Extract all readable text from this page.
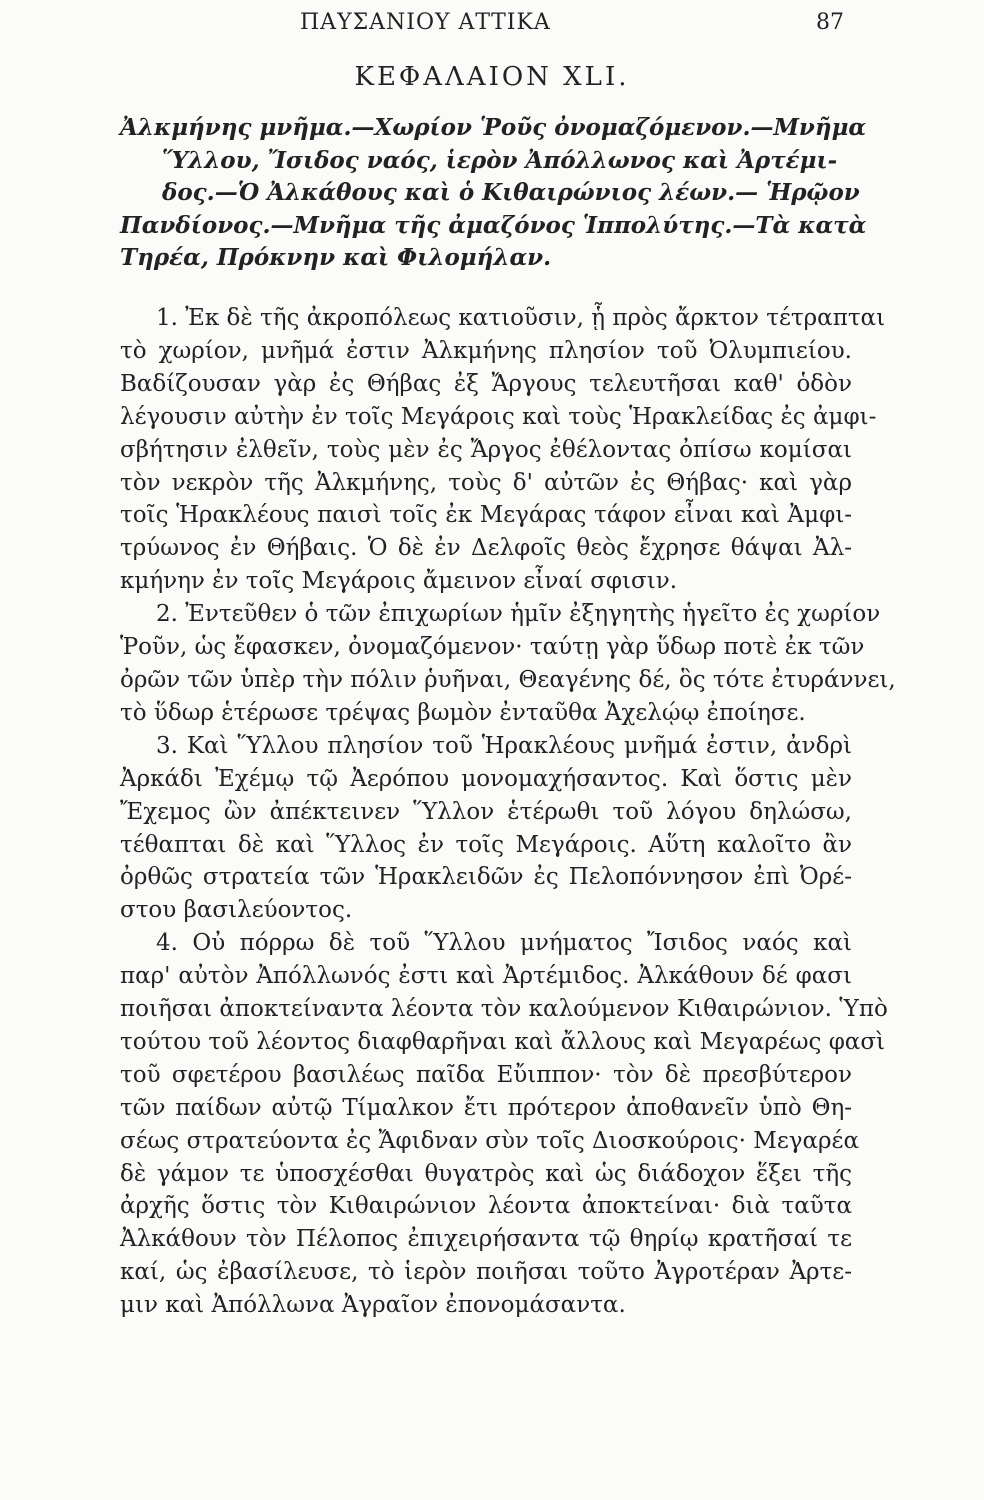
ΠΑΥΣΑΝΙΟΥ ΑΤΤΙΚΑ	87
ΚΕΦΑΛΑΙΟΝ ΧLI.
Ἀλκμήνης μνῆμα.—Χωρίον Ῥοῦς ὀνομαζόμενον.—Μνῆμα
Ὕλλου, Ἴσιδος ναός, ἱερὸν Ἀπόλλωνος καὶ Ἀρτέμι-
δος.—Ὁ Ἀλκάθους καὶ ὁ Κιθαιρώνιος λέων.— Ἡρῷον
Πανδίονος.—Μνῆμα τῆς ἀμαζόνος Ἱππολύτης.—Τὰ κατὰ
Τηρέα, Πρόκνην καὶ Φιλομήλαν.
1. Ἐκ δὲ τῆς ἀκροπόλεως κατιοῦσιν, ᾗ πρὸς ἄρκτον τέτραπται
τὸ χωρίον, μνῆμά ἐστιν Ἀλκμήνης πλησίον τοῦ Ὀλυμπιείου.
Βαδίζουσαν γὰρ ἐς Θήβας ἐξ Ἄργους τελευτῆσαι καθ' ὁδὸν
λέγουσιν αὐτὴν ἐν τοῖς Μεγάροις καὶ τοὺς Ἡρακλείδας ἐς ἀμφι-
σβήτησιν ἐλθεῖν, τοὺς μὲν ἐς Ἄργος ἐθέλοντας ὀπίσω κομίσαι
τὸν νεκρὸν τῆς Ἀλκμήνης, τοὺς δ' αὐτῶν ἐς Θήβας· καὶ γὰρ
τοῖς Ἡρακλέους παισὶ τοῖς ἐκ Μεγάρας τάφον εἶναι καὶ Ἀμφι-
τρύωνος ἐν Θήβαις. Ὁ δὲ ἐν Δελφοῖς θεὸς ἔχρησε θάψαι Ἀλ-
κμήνην ἐν τοῖς Μεγάροις ἄμεινον εἶναί σφισιν.
2. Ἐντεῦθεν ὁ τῶν ἐπιχωρίων ἡμῖν ἐξηγητὴς ἡγεῖτο ἐς χωρίον
Ῥοῦν, ὡς ἔφασκεν, ὀνομαζόμενον· ταύτῃ γὰρ ὕδωρ ποτὲ ἐκ τῶν
ὀρῶν τῶν ὑπὲρ τὴν πόλιν ῥυῆναι, Θεαγένης δέ, ὃς τότε ἐτυράννει,
τὸ ὕδωρ ἑτέρωσε τρέψας βωμὸν ἐνταῦθα Ἀχελῴῳ ἐποίησε.
3. Καὶ Ὕλλου πλησίον τοῦ Ἡρακλέους μνῆμά ἐστιν, ἀνδρὶ
Ἀρκάδι Ἐχέμῳ τῷ Ἀερόπου μονομαχήσαντος. Καὶ ὅστις μὲν
Ἔχεμος ὢν ἀπέκτεινεν Ὕλλον ἑτέρωθι τοῦ λόγου δηλώσω,
τέθαπται δὲ καὶ Ὕλλος ἐν τοῖς Μεγάροις. Αὕτη καλοῖτο ἂν
ὀρθῶς στρατεία τῶν Ἡρακλειδῶν ἐς Πελοπόννησον ἐπὶ Ὀρέ-
στου βασιλεύοντος.
4. Οὐ πόρρω δὲ τοῦ Ὕλλου μνήματος Ἴσιδος ναός καὶ
παρ' αὐτὸν Ἀπόλλωνός ἐστι καὶ Ἀρτέμιδος. Ἀλκάθουν δέ φασι
ποιῆσαι ἀποκτείναντα λέοντα τὸν καλούμενον Κιθαιρώνιον. Ὑπὸ
τούτου τοῦ λέοντος διαφθαρῆναι καὶ ἄλλους καὶ Μεγαρέως φασὶ
τοῦ σφετέρου βασιλέως παῖδα Εὔιππον· τὸν δὲ πρεσβύτερον
τῶν παίδων αὐτῷ Τίμαλκον ἔτι πρότερον ἀποθανεῖν ὑπὸ Θη-
σέως στρατεύοντα ἐς Ἄφιδναν σὺν τοῖς Διοσκούροις· Μεγαρέα
δὲ γάμον τε ὑποσχέσθαι θυγατρὸς καὶ ὡς διάδοχον ἕξει τῆς
ἀρχῆς ὅστις τὸν Κιθαιρώνιον λέοντα ἀποκτείναι· διὰ ταῦτα
Ἀλκάθουν τὸν Πέλοπος ἐπιχειρήσαντα τῷ θηρίῳ κρατῆσαί τε
καί, ὡς ἐβασίλευσε, τὸ ἱερὸν ποιῆσαι τοῦτο Ἀγροτέραν Ἀρτε-
μιν καὶ Ἀπόλλωνα Ἀγραῖον ἐπονομάσαντα.
